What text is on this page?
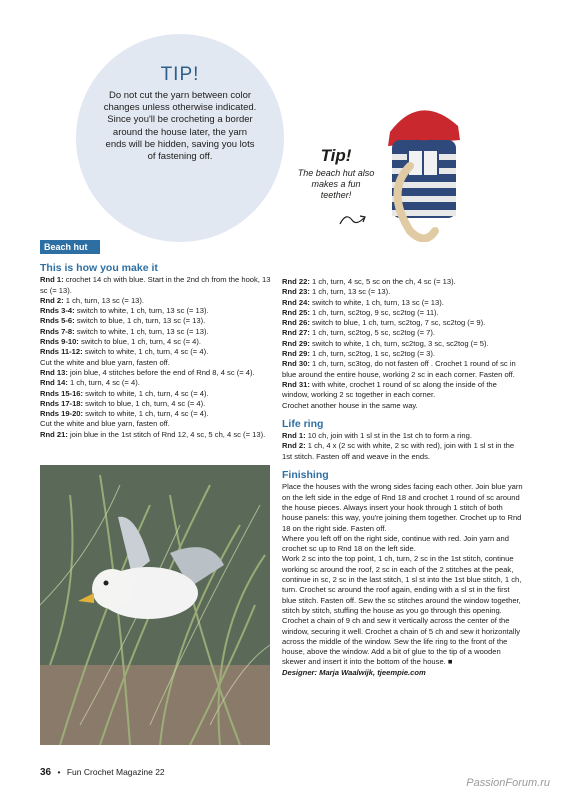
TIP!
Do not cut the yarn between color changes unless otherwise indicated. Since you'll be crocheting a border around the house later, the yarn ends will be hidden, saving you lots of fastening off.	Tip!
The beach hut also makes a fun teether!
Beach hut
This is how you make it
Rnd 1: crochet 14 ch with blue. Start in the 2nd ch from the hook, 13 sc (= 13).
Rnd 2: 1 ch, turn, 13 sc (= 13).
Rnds 3-4: switch to white, 1 ch, turn, 13 sc (= 13).
Rnds 5-6: switch to blue, 1 ch, turn, 13 sc (= 13).
Rnds 7-8: switch to white, 1 ch, turn, 13 sc (= 13).
Rnds 9-10: switch to blue, 1 ch, turn, 4 sc (= 4).
Rnds 11-12: switch to white, 1 ch, turn, 4 sc (= 4).
Cut the white and blue yarn, fasten off.
Rnd 13: join blue, 4 stitches before the end of Rnd 8, 4 sc (= 4).
Rnd 14: 1 ch, turn, 4 sc (= 4).
Rnds 15-16: switch to white, 1 ch, turn, 4 sc (= 4).
Rnds 17-18: switch to blue, 1 ch, turn, 4 sc (= 4).
Rnds 19-20: switch to white, 1 ch, turn, 4 sc (= 4).
Cut the white and blue yarn, fasten off.
Rnd 21: join blue in the 1st stitch of Rnd 12, 4 sc, 5 ch, 4 sc (= 13).
Rnd 22: 1 ch, turn, 4 sc, 5 sc on the ch, 4 sc (= 13).
Rnd 23: 1 ch, turn, 13 sc (= 13).
Rnd 24: switch to white, 1 ch, turn, 13 sc (= 13).
Rnd 25: 1 ch, turn, sc2tog, 9 sc, sc2tog (= 11).
Rnd 26: switch to blue, 1 ch, turn, sc2tog, 7 sc, sc2tog (= 9).
Rnd 27: 1 ch, turn, sc2tog, 5 sc, sc2tog (= 7).
Rnd 29: switch to white, 1 ch, turn, sc2tog, 3 sc, sc2tog (= 5).
Rnd 29: 1 ch, turn, sc2tog, 1 sc, sc2tog (= 3).
Rnd 30: 1 ch, turn, sc3tog, do not fasten off . Crochet 1 round of sc in blue around the entire house, working 2 sc in each corner. Fasten off.
Rnd 31: with white, crochet 1 round of sc along the inside of the window, working 2 sc together in each corner.
Crochet another house in the same way.
Life ring
Rnd 1: 10 ch, join with 1 sl st in the 1st ch to form a ring.
Rnd 2: 1 ch, 4 x (2 sc with white, 2 sc with red), join with 1 sl st in the 1st stitch. Fasten off and weave in the ends.
Finishing
Place the houses with the wrong sides facing each other. Join blue yarn on the left side in the edge of Rnd 18 and crochet 1 round of sc around the house pieces. Always insert your hook through 1 stitch of both house panels: this way, you're joining them together. Crochet up to Rnd 18 on the right side. Fasten off.
Where you left off on the right side, continue with red. Join yarn and crochet sc up to Rnd 18 on the left side.
Work 2 sc into the top point, 1 ch, turn, 2 sc in the 1st stitch, continue working sc around the roof, 2 sc in each of the 2 stitches at the peak, continue in sc, 2 sc in the last stitch, 1 sl st into the 1st blue stitch, 1 ch, turn. Crochet sc around the roof again, ending with a sl st in the first blue stitch. Fasten off. Sew the sc stitches around the window together, stitch by stitch, stuffing the house as you go through this opening. Crochet a chain of 9 ch and sew it vertically across the center of the window, securing it well. Crochet a chain of 5 ch and sew it horizontally across the middle of the window. Sew the life ring to the front of the house, above the window. Add a bit of glue to the tip of a wooden skewer and insert it into the bottom of the house. ■
Designer: Marja Waalwijk, tjeempie.com
36 • Fun Crochet Magazine 22
PassionForum.ru
